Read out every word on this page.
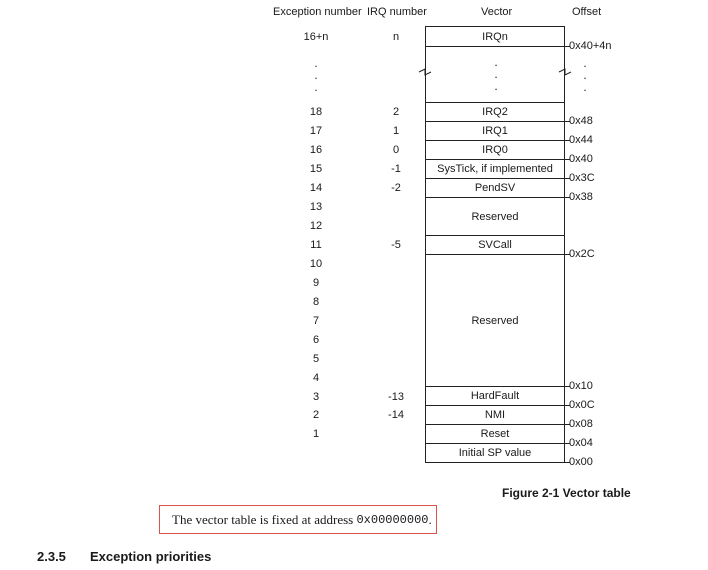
Exception number IRQ number	Vector	Offset
16+n
.
.
.
18
17
16
15
14
13
12
11
10
9
8
7
6
5
4
3
2
1
n
2
1
0
-1
-2
-5
-13
-14
IRQn
.
.
.
IRQ2
IRQ1
IRQ0
SysTick, if implemented
PendSV
Reserved
SVCall
Reserved
HardFault
NMI
Reset
Initial SP value
0x40+4n
.
.
.
0x48
0x44
0x40
0x3C
0x38
0x2C
0x10
0x0C
0x08
0x04
0x00
Figure 2-1 Vector table
The vector table is fixed at address 0x00000000 .
2.3.5 Exception priorities
